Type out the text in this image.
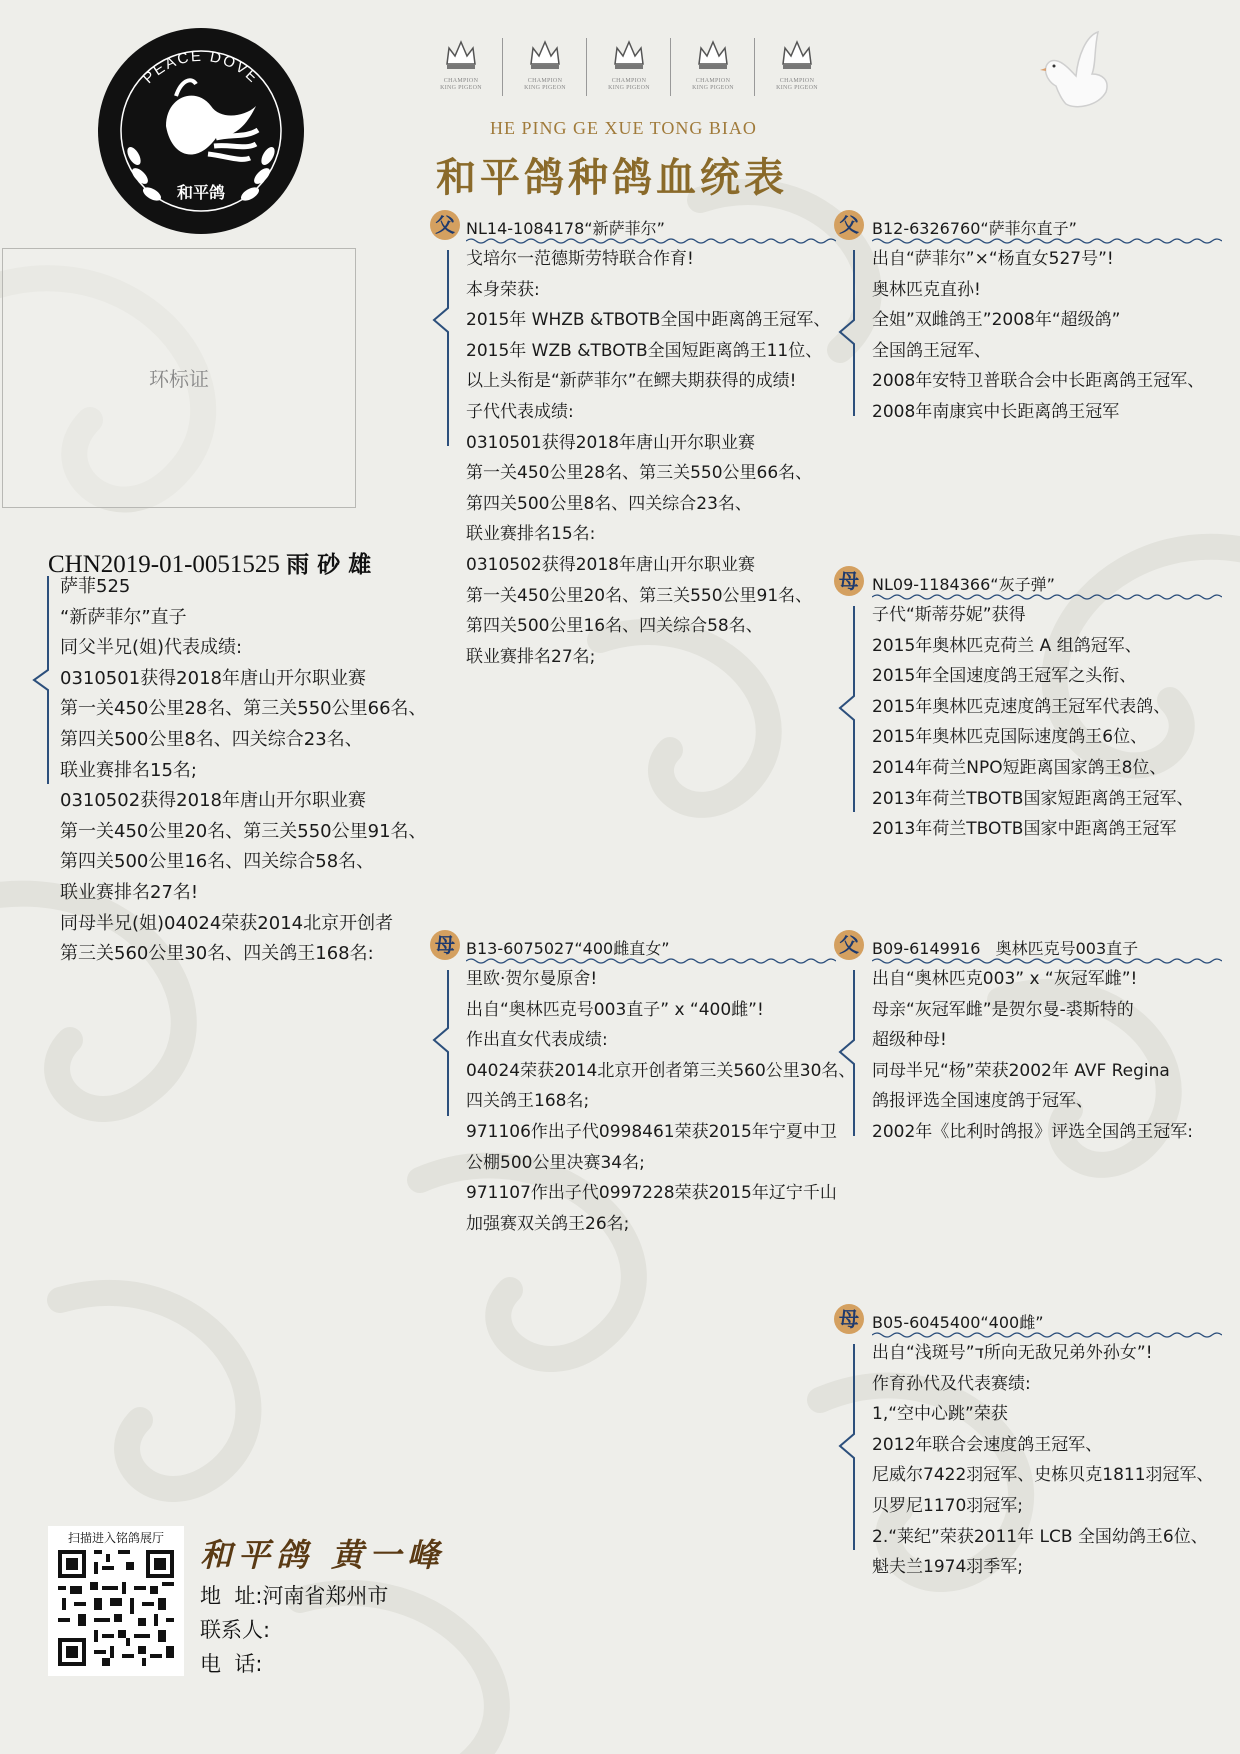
PEACE DOVE
和平鸽
CHAMPION
KING PIGEON
CHAMPION
KING PIGEON
CHAMPION
KING PIGEON
CHAMPION
KING PIGEON
CHAMPION
KING PIGEON
HE PING GE XUE TONG BIAO
和平鸽种鸽血统表
环标证
CHN2019-01-0051525 雨 砂 雄
萨菲525
“新萨菲尔”直子
同父半兄(姐)代表成绩:
0310501获得2018年唐山开尔职业赛
第一关450公里28名、第三关550公里66名、
第四关500公里8名、四关综合23名、
联业赛排名15名;
0310502获得2018年唐山开尔职业赛
第一关450公里20名、第三关550公里91名、
第四关500公里16名、四关综合58名、
联业赛排名27名!
同母半兄(姐)04024荣获2014北京开创者
第三关560公里30名、四关鸽王168名:
父 NL14-1084178“新萨菲尔”
戈培尔一范德斯劳特联合作育!
本身荣获:
2015年 WHZB &TBOTB全国中距离鸽王冠军、
2015年 WZB &TBOTB全国短距离鸽王11位、
以上头衔是“新萨菲尔”在鳏夫期获得的成绩!
子代代表成绩:
0310501获得2018年唐山开尔职业赛
第一关450公里28名、第三关550公里66名、
第四关500公里8名、四关综合23名、
联业赛排名15名:
0310502获得2018年唐山开尔职业赛
第一关450公里20名、第三关550公里91名、
第四关500公里16名、四关综合58名、
联业赛排名27名;
母 B13-6075027“400雌直女”
里欧·贺尔曼原舍!
出自“奥林匹克号003直子” x “400雌”!
作出直女代表成绩:
04024荣获2014北京开创者第三关560公里30名、
四关鸽王168名;
971106作出子代0998461荣获2015年宁夏中卫
公棚500公里决赛34名;
971107作出子代0997228荣获2015年辽宁千山
加强赛双关鸽王26名;
父 B12-6326760“萨菲尔直子”
出自“萨菲尔”×“杨直女527号”!
奥林匹克直孙!
全姐”双雌鸽王”2008年“超级鸽”
全国鸽王冠军、
2008年安特卫普联合会中长距离鸽王冠军、
2008年南康宾中长距离鸽王冠军
母 NL09-1184366“灰子弹”
子代“斯蒂芬妮”获得
2015年奥林匹克荷兰 A 组鸽冠军、
2015年全国速度鸽王冠军之头衔、
2015年奥林匹克速度鸽王冠军代表鸽、
2015年奥林匹克国际速度鸽王6位、
2014年荷兰NPO短距离国家鸽王8位、
2013年荷兰TBOTB国家短距离鸽王冠军、
2013年荷兰TBOTB国家中距离鸽王冠军
父 B09-6149916   奥林匹克号003直子
出自“奥林匹克003” x “灰冠军雌”!
母亲“灰冠军雌”是贺尔曼-裘斯特的
超级种母!
同母半兄“杨”荣获2002年 AVF Regina
鸽报评选全国速度鸽于冠军、
2002年《比利时鸽报》评选全国鸽王冠军:
母 B05-6045400“400雌”
出自“浅斑号”ד所向无敌兄弟外孙女”!
作育孙代及代表赛绩:
1,“空中心跳”荣获
2012年联合会速度鸽王冠军、
尼威尔7422羽冠军、史栋贝克1811羽冠军、
贝罗尼1170羽冠军;
2.“莱纪”荣获2011年 LCB 全国幼鸽王6位、
魁夫兰1974羽季军;
扫描进入铭鸽展厅	和平鸽 黄一峰
地  址:河南省郑州市
联系人:
电  话:
